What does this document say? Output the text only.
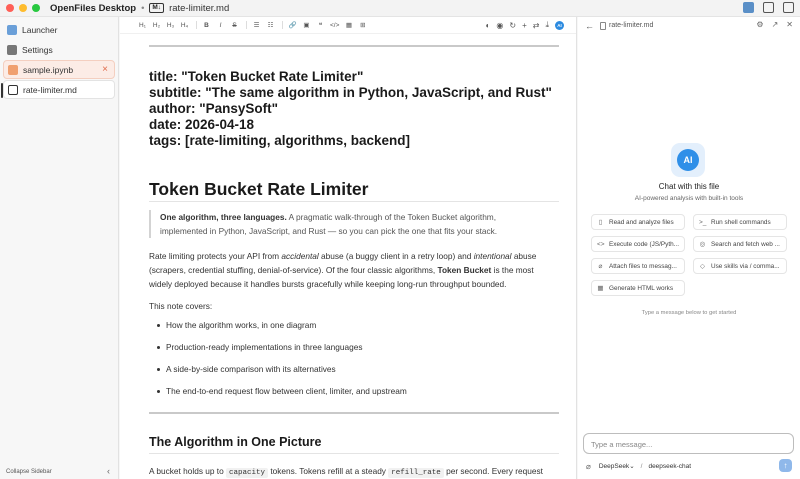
OpenFiles Desktop •	M↓ rate-limiter.md
Launcher
Settings
sample.ipynb	×
rate-limiter.md
Collapse Sidebar	‹
H₁ H₂ H₃ H₄	B	I	S	☰ ☷ 🔗 ▣	❝	</> ▦ ⊞	◐ ◉ ↻ + ⇄ ⤓	AI
title: "Token Bucket Rate Limiter"
subtitle: "The same algorithm in Python, JavaScript, and Rust"
author: "PansySoft"
date: 2026-04-18
tags: [rate-limiting, algorithms, backend]
Token Bucket Rate Limiter
One algorithm, three languages. A pragmatic walk-through of the Token Bucket algorithm,
implemented in Python, JavaScript, and Rust — so you can pick the one that fits your stack.
Rate limiting protects your API from accidental abuse (a buggy client in a retry loop) and intentional abuse
(scrapers, credential stuffing, denial-of-service). Of the four classic algorithms, Token Bucket is the most
widely deployed because it handles bursts gracefully while keeping long-run throughput bounded.
This note covers:
How the algorithm works, in one diagram
Production-ready implementations in three languages
A side-by-side comparison with its alternatives
The end-to-end request flow between client, limiter, and upstream
The Algorithm in One Picture
A bucket holds up to capacity tokens. Tokens refill at a steady refill_rate per second. Every request
← rate-limiter.md	⚙ ↗ ✕
AI
Chat with this file
AI-powered analysis with built-in tools
▯ Read and analyze files	>_ Run shell commands
<> Execute code (JS/Pyth...	◎ Search and fetch web ...
⌀ Attach files to messag...	◇ Use skills via / comma...
▦ Generate HTML works
Type a message below to get started
Type a message...
⌀ DeepSeek ⌄ / deepseek-chat	↑
